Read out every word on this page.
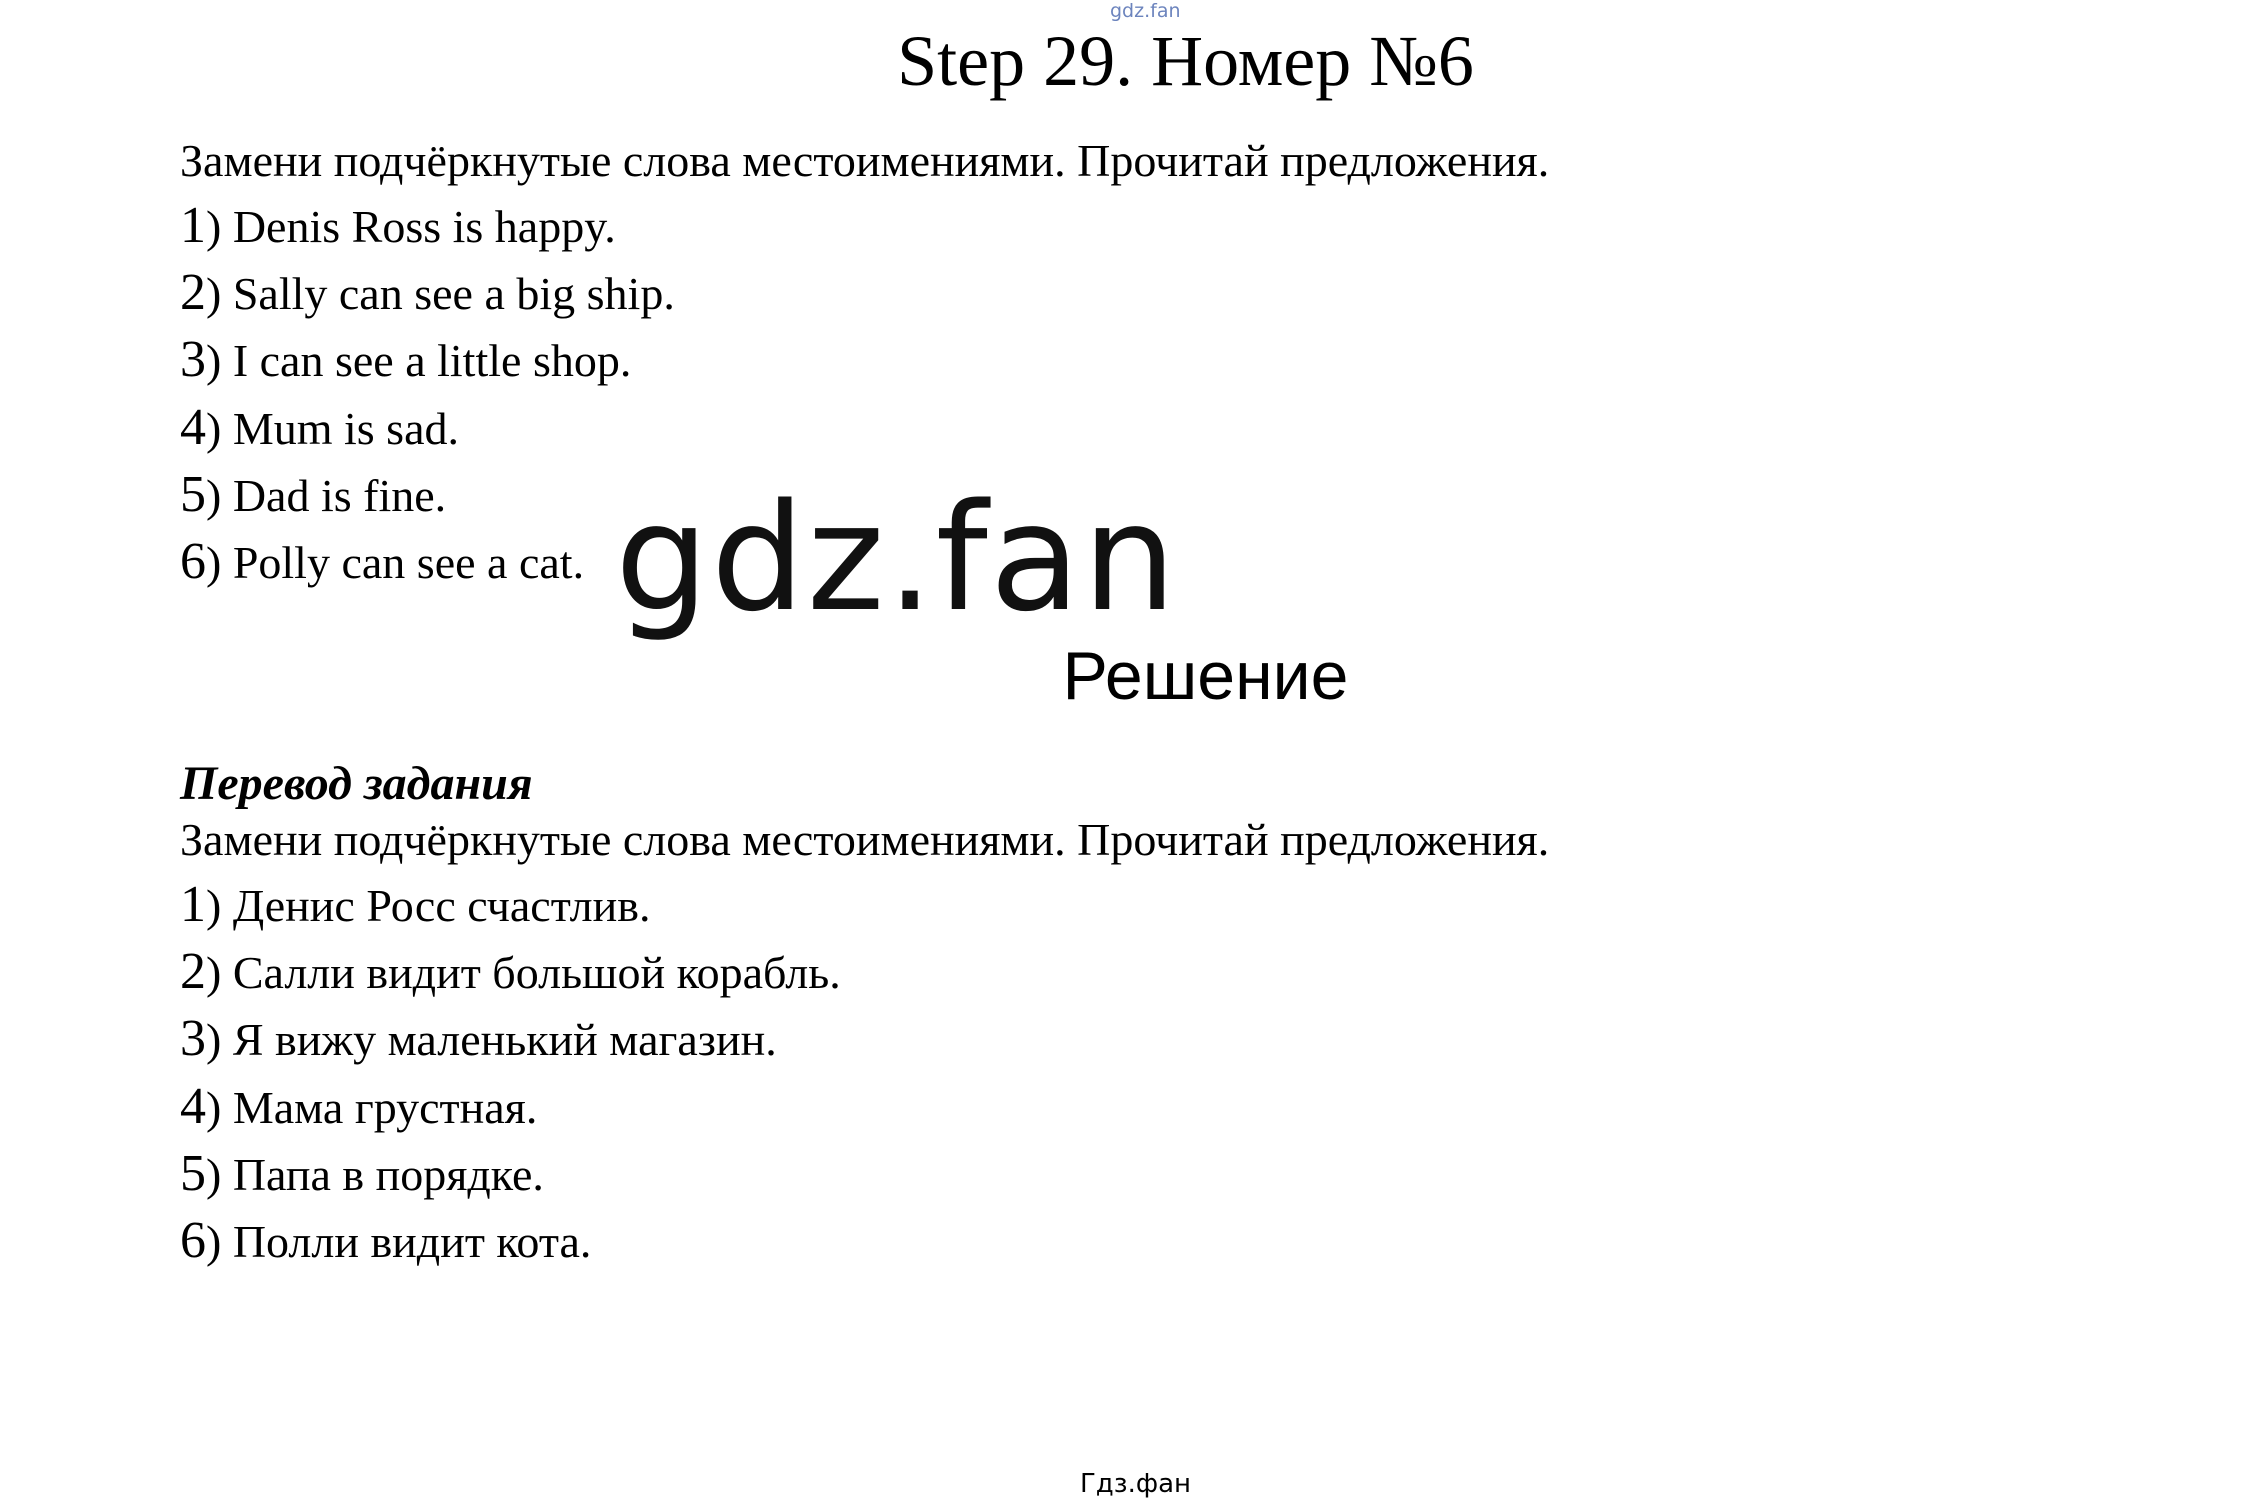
gdz.fan
Step 29. Номер №6
Замени подчёркнутые слова местоимениями. Прочитай предложения.
1) Denis Ross is happy.
2) Sally can see a big ship.
3) I can see a little shop.
4) Mum is sad.
5) Dad is fine.
6) Polly can see a cat. gdz.fan
Решение
Перевод задания
Замени подчёркнутые слова местоимениями. Прочитай предложения.
1) Денис Росс счастлив.
2) Салли видит большой корабль.
3) Я вижу маленький магазин.
4) Мама грустная.
5) Папа в порядке.
6) Полли видит кота.
Гдз.фан
